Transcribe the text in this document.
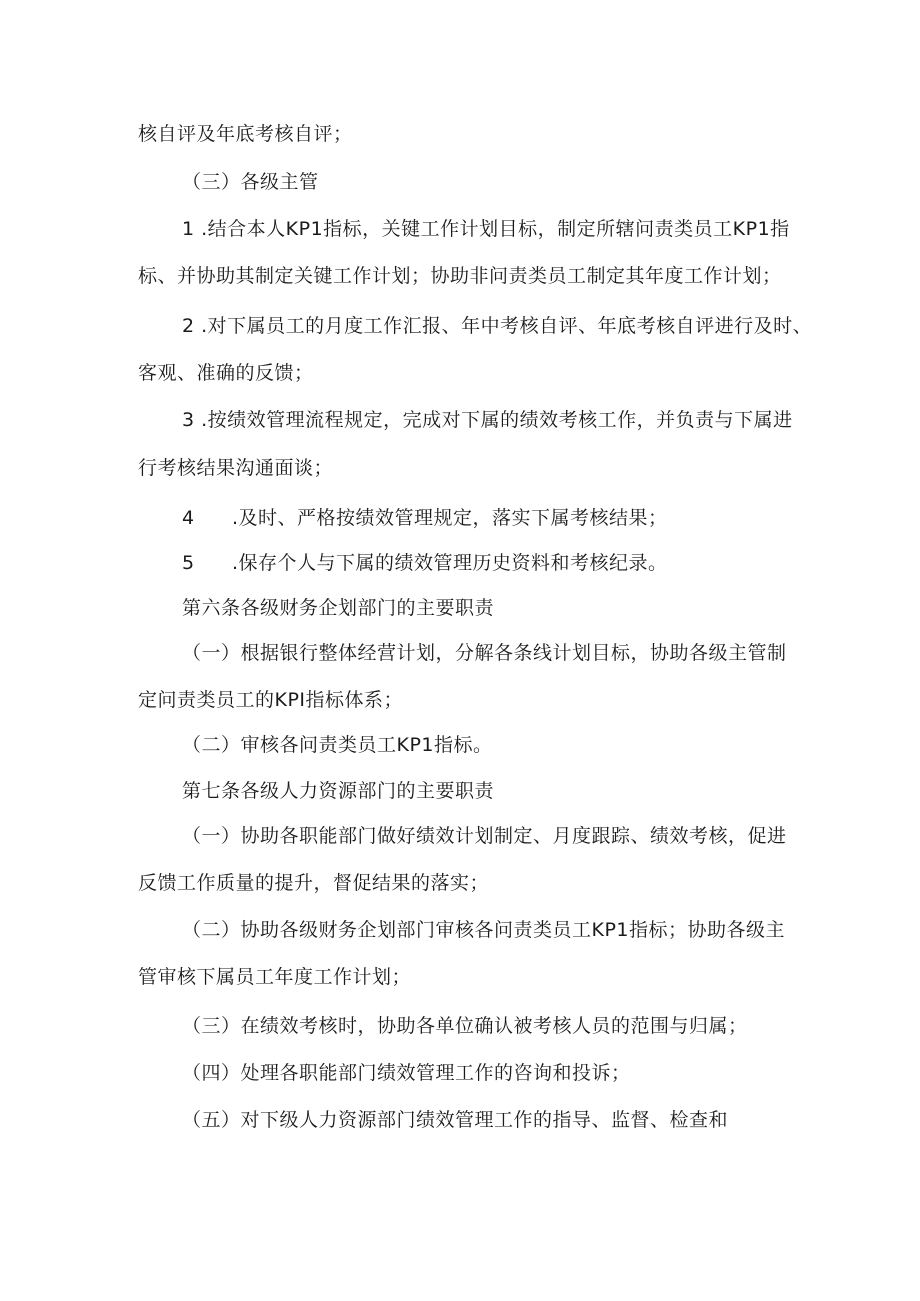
核自评及年底考核自评；
（三）各级主管
1 .结合本人KP1指标，关键工作计划目标，制定所辖问责类员工KP1指
标、并协助其制定关键工作计划；协助非问责类员工制定其年度工作计划；
2 .对下属员工的月度工作汇报、年中考核自评、年底考核自评进行及时、
客观、准确的反馈；
3 .按绩效管理流程规定，完成对下属的绩效考核工作，并负责与下属进
行考核结果沟通面谈；
4 .及时、严格按绩效管理规定，落实下属考核结果；
5 .保存个人与下属的绩效管理历史资料和考核纪录。
第六条各级财务企划部门的主要职责
（一）根据银行整体经营计划，分解各条线计划目标，协助各级主管制
定问责类员工的KPI指标体系；
（二）审核各问责类员工KP1指标。
第七条各级人力资源部门的主要职责
（一）协助各职能部门做好绩效计划制定、月度跟踪、绩效考核，促进
反馈工作质量的提升，督促结果的落实；
（二）协助各级财务企划部门审核各问责类员工KP1指标；协助各级主
管审核下属员工年度工作计划；
（三）在绩效考核时，协助各单位确认被考核人员的范围与归属；
（四）处理各职能部门绩效管理工作的咨询和投诉；
（五）对下级人力资源部门绩效管理工作的指导、监督、检查和
